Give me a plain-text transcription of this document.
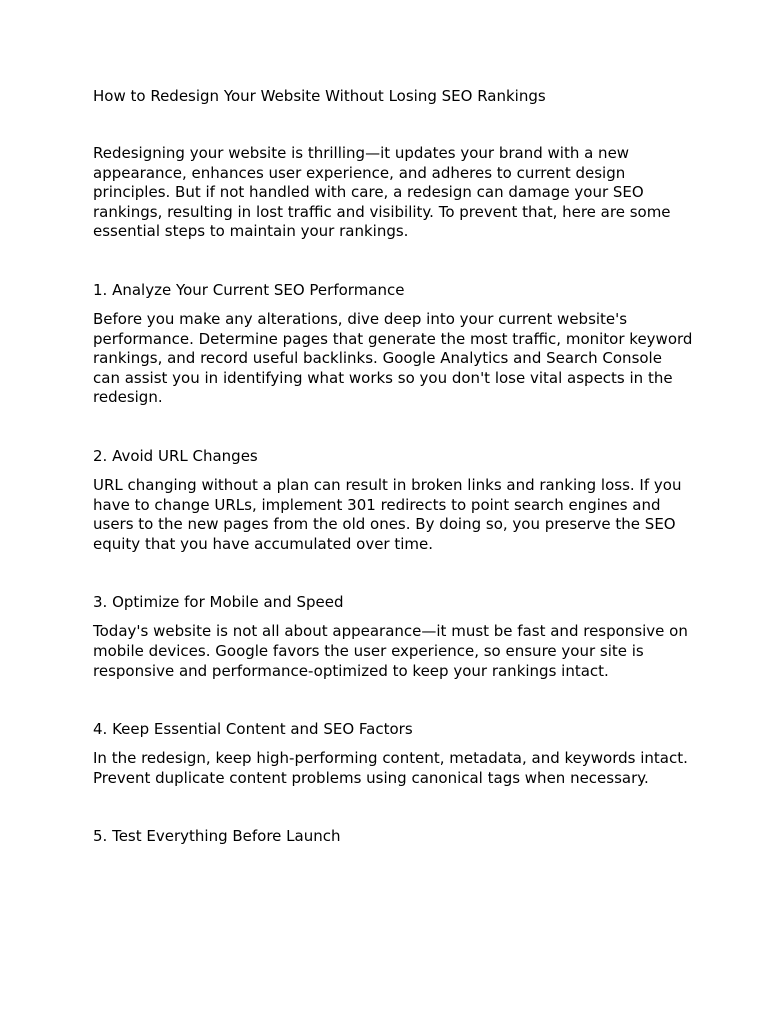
How to Redesign Your Website Without Losing SEO Rankings

Redesigning your website is thrilling—it updates your brand with a new appearance, enhances user experience, and adheres to current design principles. But if not handled with care, a redesign can damage your SEO rankings, resulting in lost traffic and visibility. To prevent that, here are some essential steps to maintain your rankings.

1. Analyze Your Current SEO Performance

Before you make any alterations, dive deep into your current website's performance. Determine pages that generate the most traffic, monitor keyword rankings, and record useful backlinks. Google Analytics and Search Console can assist you in identifying what works so you don't lose vital aspects in the redesign.

2. Avoid URL Changes

URL changing without a plan can result in broken links and ranking loss. If you have to change URLs, implement 301 redirects to point search engines and users to the new pages from the old ones. By doing so, you preserve the SEO equity that you have accumulated over time.

3. Optimize for Mobile and Speed

Today's website is not all about appearance—it must be fast and responsive on mobile devices. Google favors the user experience, so ensure your site is responsive and performance-optimized to keep your rankings intact.

4. Keep Essential Content and SEO Factors

In the redesign, keep high-performing content, metadata, and keywords intact. Prevent duplicate content problems using canonical tags when necessary.

5. Test Everything Before Launch
